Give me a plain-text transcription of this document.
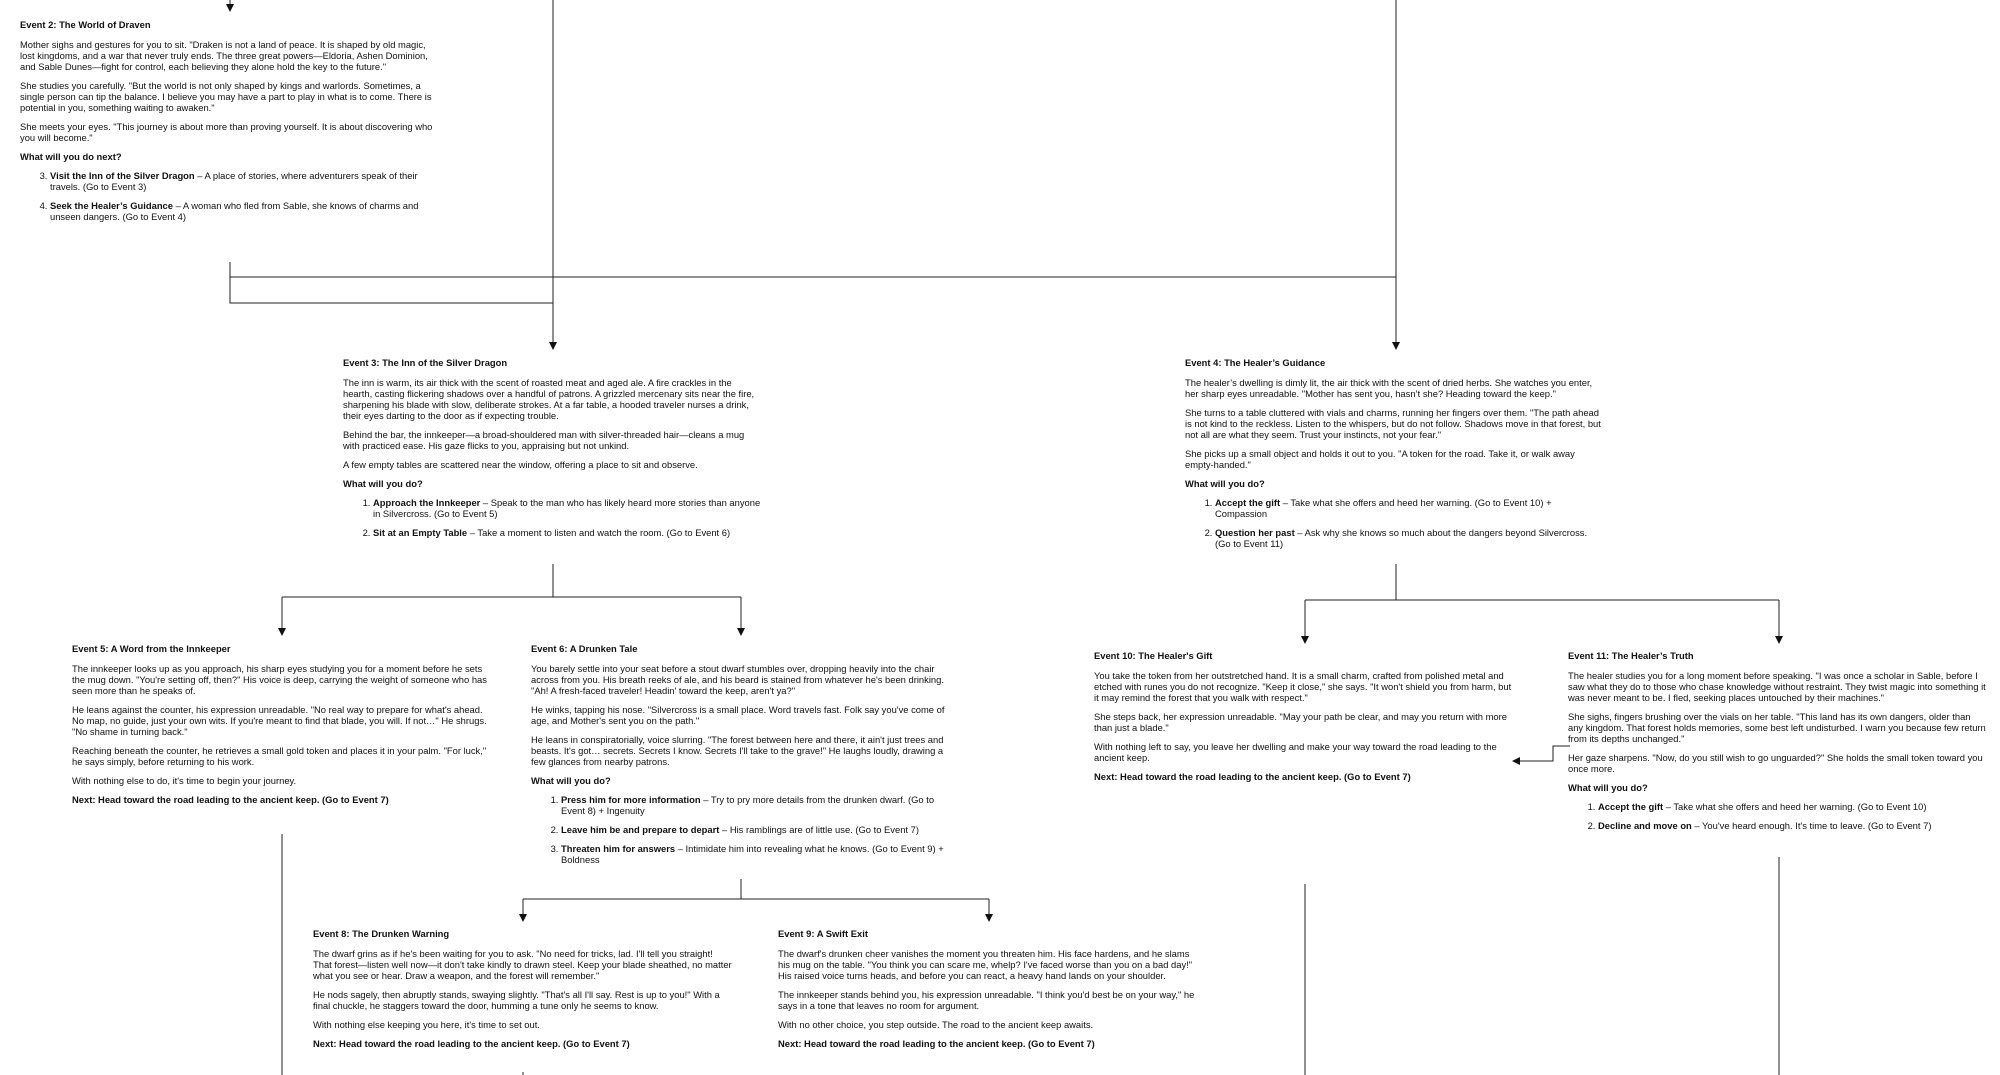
Event 2: The World of Draven

Mother sighs and gestures for you to sit. "Draken is not a land of peace. It is shaped by old magic, lost kingdoms, and a war that never truly ends. The three great powers—Eldoria, Ashen Dominion, and Sable Dunes—fight for control, each believing they alone hold the key to the future."

She studies you carefully. "But the world is not only shaped by kings and warlords. Sometimes, a single person can tip the balance. I believe you may have a part to play in what is to come. There is potential in you, something waiting to awaken."

She meets your eyes. "This journey is about more than proving yourself. It is about discovering who you will become."

What will you do next?

3. Visit the Inn of the Silver Dragon – A place of stories, where adventurers speak of their travels. (Go to Event 3)
4. Seek the Healer’s Guidance – A woman who fled from Sable, she knows of charms and unseen dangers. (Go to Event 4)
Event 3: The Inn of the Silver Dragon

The inn is warm, its air thick with the scent of roasted meat and aged ale. A fire crackles in the hearth, casting flickering shadows over a handful of patrons. A grizzled mercenary sits near the fire, sharpening his blade with slow, deliberate strokes. At a far table, a hooded traveler nurses a drink, their eyes darting to the door as if expecting trouble.

Behind the bar, the innkeeper—a broad-shouldered man with silver-threaded hair—cleans a mug with practiced ease. His gaze flicks to you, appraising but not unkind.

A few empty tables are scattered near the window, offering a place to sit and observe.

What will you do?

1. Approach the Innkeeper – Speak to the man who has likely heard more stories than anyone in Silvercross. (Go to Event 5)
2. Sit at an Empty Table – Take a moment to listen and watch the room. (Go to Event 6)
Event 4: The Healer’s Guidance

The healer’s dwelling is dimly lit, the air thick with the scent of dried herbs. She watches you enter, her sharp eyes unreadable. "Mother has sent you, hasn’t she? Heading toward the keep."

She turns to a table cluttered with vials and charms, running her fingers over them. "The path ahead is not kind to the reckless. Listen to the whispers, but do not follow. Shadows move in that forest, but not all are what they seem. Trust your instincts, not your fear."

She picks up a small object and holds it out to you. "A token for the road. Take it, or walk away empty-handed."

What will you do?

1. Accept the gift – Take what she offers and heed her warning. (Go to Event 10) + Compassion
2. Question her past – Ask why she knows so much about the dangers beyond Silvercross. (Go to Event 11)
Event 5: A Word from the Innkeeper

The innkeeper looks up as you approach, his sharp eyes studying you for a moment before he sets the mug down. "You're setting off, then?" His voice is deep, carrying the weight of someone who has seen more than he speaks of.

He leans against the counter, his expression unreadable. "No real way to prepare for what's ahead. No map, no guide, just your own wits. If you're meant to find that blade, you will. If not…" He shrugs. "No shame in turning back."

Reaching beneath the counter, he retrieves a small gold token and places it in your palm. "For luck," he says simply, before returning to his work.

With nothing else to do, it's time to begin your journey.

Next: Head toward the road leading to the ancient keep. (Go to Event 7)

Event 6: A Drunken Tale

You barely settle into your seat before a stout dwarf stumbles over, dropping heavily into the chair across from you. His breath reeks of ale, and his beard is stained from whatever he's been drinking. "Ah! A fresh-faced traveler! Headin' toward the keep, aren't ya?"

He winks, tapping his nose. "Silvercross is a small place. Word travels fast. Folk say you've come of age, and Mother's sent you on the path."

He leans in conspiratorially, voice slurring. "The forest between here and there, it ain't just trees and beasts. It's got… secrets. Secrets I know. Secrets I'll take to the grave!" He laughs loudly, drawing a few glances from nearby patrons.

What will you do?

1. Press him for more information – Try to pry more details from the drunken dwarf. (Go to Event 8) + Ingenuity
2. Leave him be and prepare to depart – His ramblings are of little use. (Go to Event 7)
3. Threaten him for answers – Intimidate him into revealing what he knows. (Go to Event 9) + Boldness
Event 8: The Drunken Warning

The dwarf grins as if he's been waiting for you to ask. "No need for tricks, lad. I'll tell you straight! That forest—listen well now—it don't take kindly to drawn steel. Keep your blade sheathed, no matter what you see or hear. Draw a weapon, and the forest will remember."

He nods sagely, then abruptly stands, swaying slightly. "That's all I'll say. Rest is up to you!" With a final chuckle, he staggers toward the door, humming a tune only he seems to know.

With nothing else keeping you here, it's time to set out.

Next: Head toward the road leading to the ancient keep. (Go to Event 7)

Event 9: A Swift Exit

The dwarf's drunken cheer vanishes the moment you threaten him. His face hardens, and he slams his mug on the table. "You think you can scare me, whelp? I've faced worse than you on a bad day!" His raised voice turns heads, and before you can react, a heavy hand lands on your shoulder.

The innkeeper stands behind you, his expression unreadable. "I think you'd best be on your way," he says in a tone that leaves no room for argument.

With no other choice, you step outside. The road to the ancient keep awaits.

Next: Head toward the road leading to the ancient keep. (Go to Event 7)

Event 10: The Healer's Gift

You take the token from her outstretched hand. It is a small charm, crafted from polished metal and etched with runes you do not recognize. "Keep it close," she says. "It won't shield you from harm, but it may remind the forest that you walk with respect."

She steps back, her expression unreadable. "May your path be clear, and may you return with more than just a blade."

With nothing left to say, you leave her dwelling and make your way toward the road leading to the ancient keep.

Next: Head toward the road leading to the ancient keep. (Go to Event 7)

Event 11: The Healer’s Truth

The healer studies you for a long moment before speaking. "I was once a scholar in Sable, before I saw what they do to those who chase knowledge without restraint. They twist magic into something it was never meant to be. I fled, seeking places untouched by their machines."

She sighs, fingers brushing over the vials on her table. "This land has its own dangers, older than any kingdom. That forest holds memories, some best left undisturbed. I warn you because few return from its depths unchanged."

Her gaze sharpens. "Now, do you still wish to go unguarded?" She holds the small token toward you once more.

What will you do?

1. Accept the gift – Take what she offers and heed her warning. (Go to Event 10)
2. Decline and move on – You've heard enough. It's time to leave. (Go to Event 7)
